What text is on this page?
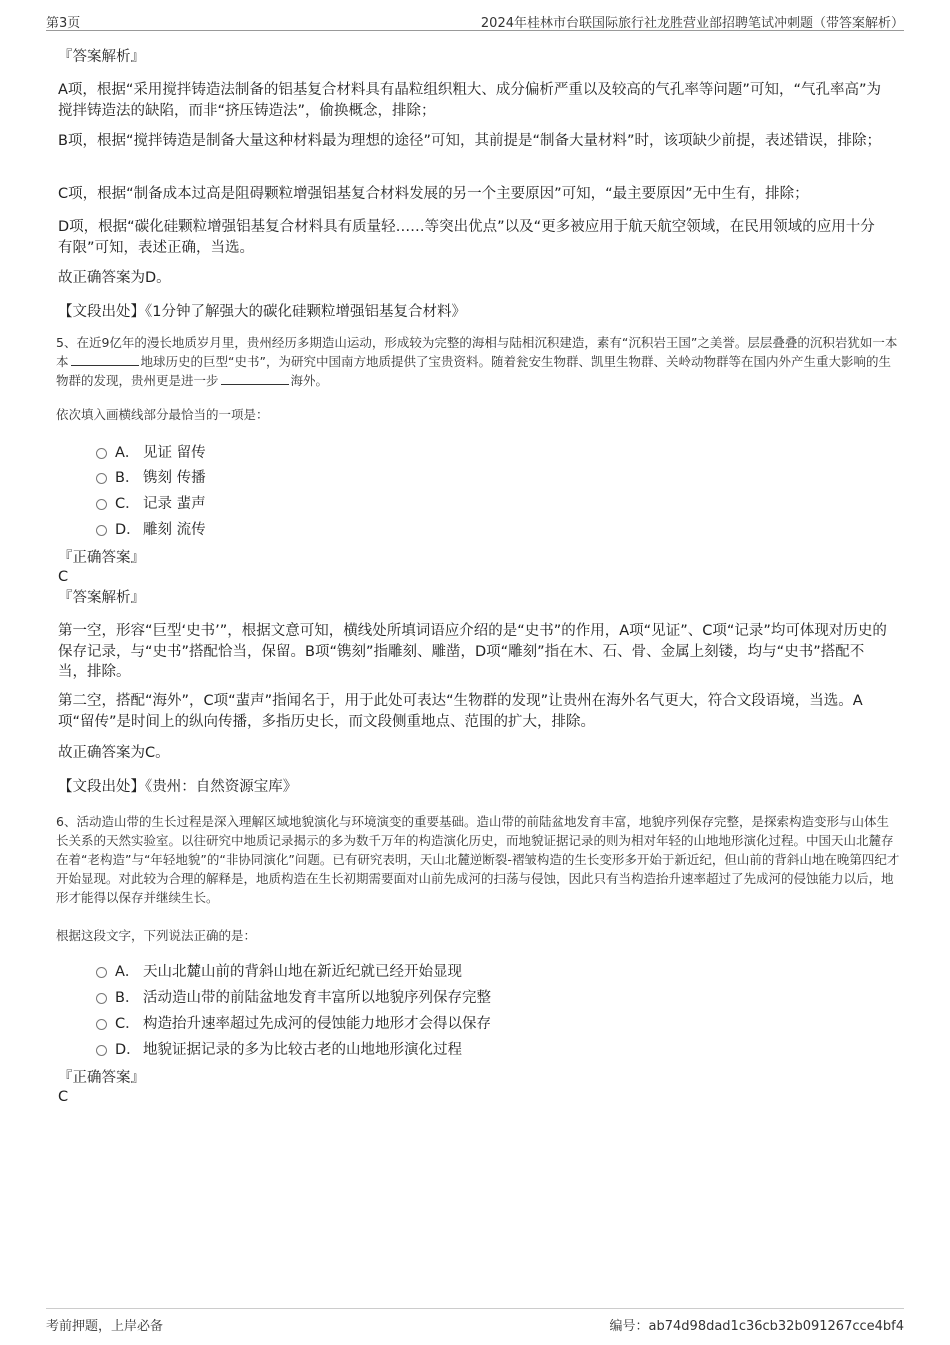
第3页	2024年桂林市台联国际旅行社龙胜营业部招聘笔试冲刺题（带答案解析）

『答案解析』

A项，根据“采用搅拌铸造法制备的铝基复合材料具有晶粒组织粗大、成分偏析严重以及较高的气孔率等问题”可知，“气孔率高”为搅拌铸造法的缺陷，而非“挤压铸造法”，偷换概念，排除；

B项，根据“搅拌铸造是制备大量这种材料最为理想的途径”可知，其前提是“制备大量材料”时，该项缺少前提，表述错误，排除；

C项，根据“制备成本过高是阻碍颗粒增强铝基复合材料发展的另一个主要原因”可知，“最主要原因”无中生有，排除；

D项，根据“碳化硅颗粒增强铝基复合材料具有质量轻……等突出优点”以及“更多被应用于航天航空领域，在民用领域的应用十分有限”可知，表述正确，当选。

故正确答案为D。

【文段出处】《1分钟了解强大的碳化硅颗粒增强铝基复合材料》

5、在近9亿年的漫长地质岁月里，贵州经历多期造山运动，形成较为完整的海相与陆相沉积建造，素有“沉积岩王国”之美誉。层层叠叠的沉积岩犹如一本本	地球历史的巨型“史书”，为研究中国南方地质提供了宝贵资料。随着瓮安生物群、凯里生物群、关岭动物群等在国内外产生重大影响的生物群的发现，贵州更是进一步	海外。

依次填入画横线部分最恰当的一项是：

A． 见证 留传
B． 镌刻 传播
C． 记录 蜚声
D． 雕刻 流传

『正确答案』

C

『答案解析』

第一空，形容“巨型‘史书’”，根据文意可知，横线处所填词语应介绍的是“史书”的作用，A项“见证”、C项“记录”均可体现对历史的保存记录，与“史书”搭配恰当，保留。B项“镌刻”指雕刻、雕凿，D项“雕刻”指在木、石、骨、金属上刻镂，均与“史书”搭配不当，排除。

第二空，搭配“海外”，C项“蜚声”指闻名于，用于此处可表达“生物群的发现”让贵州在海外名气更大，符合文段语境，当选。A项“留传”是时间上的纵向传播，多指历史长，而文段侧重地点、范围的扩大，排除。

故正确答案为C。

【文段出处】《贵州：自然资源宝库》

6、活动造山带的生长过程是深入理解区域地貌演化与环境演变的重要基础。造山带的前陆盆地发育丰富，地貌序列保存完整，是探索构造变形与山体生长关系的天然实验室。以往研究中地质记录揭示的多为数千万年的构造演化历史，而地貌证据记录的则为相对年轻的山地地形演化过程。中国天山北麓存在着“老构造”与“年轻地貌”的“非协同演化”问题。已有研究表明，天山北麓逆断裂-褶皱构造的生长变形多开始于新近纪，但山前的背斜山地在晚第四纪才开始显现。对此较为合理的解释是，地质构造在生长初期需要面对山前先成河的扫荡与侵蚀，因此只有当构造抬升速率超过了先成河的侵蚀能力以后，地形才能得以保存并继续生长。

根据这段文字，下列说法正确的是：

A． 天山北麓山前的背斜山地在新近纪就已经开始显现
B． 活动造山带的前陆盆地发育丰富所以地貌序列保存完整
C． 构造抬升速率超过先成河的侵蚀能力地形才会得以保存
D． 地貌证据记录的多为比较古老的山地地形演化过程

『正确答案』

C

考前押题，上岸必备	编号：ab74d98dad1c36cb32b091267cce4bf4
